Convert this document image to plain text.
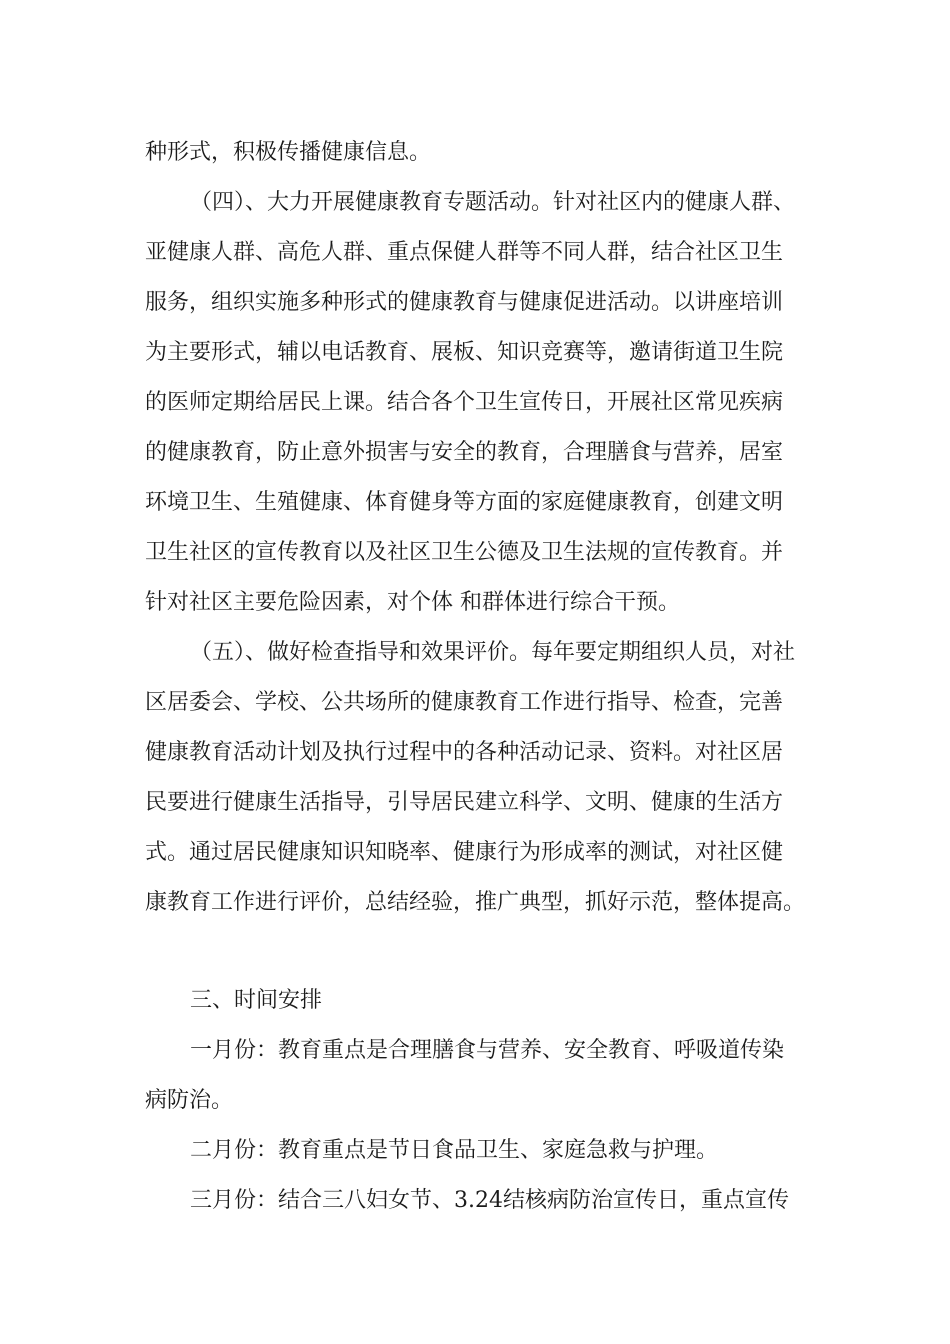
种形式，积极传播健康信息。
（四）、大力开展健康教育专题活动。针对社区内的健康人群、
亚健康人群、高危人群、重点保健人群等不同人群，结合社区卫生
服务，组织实施多种形式的健康教育与健康促进活动。以讲座培训
为主要形式，辅以电话教育、展板、知识竞赛等，邀请街道卫生院
的医师定期给居民上课。结合各个卫生宣传日，开展社区常见疾病
的健康教育，防止意外损害与安全的教育，合理膳食与营养，居室
环境卫生、生殖健康、体育健身等方面的家庭健康教育，创建文明
卫生社区的宣传教育以及社区卫生公德及卫生法规的宣传教育。并
针对社区主要危险因素，对个体 和群体进行综合干预。
（五）、做好检查指导和效果评价。每年要定期组织人员，对社
区居委会、学校、公共场所的健康教育工作进行指导、检查，完善
健康教育活动计划及执行过程中的各种活动记录、资料。对社区居
民要进行健康生活指导，引导居民建立科学、文明、健康的生活方
式。通过居民健康知识知晓率、健康行为形成率的测试，对社区健
康教育工作进行评价，总结经验，推广典型，抓好示范，整体提高。
三、时间安排
一月份：教育重点是合理膳食与营养、安全教育、呼吸道传染
病防治。
二月份：教育重点是节日食品卫生、家庭急救与护理。
三月份：结合三八妇女节、3.24结核病防治宣传日，重点宣传
